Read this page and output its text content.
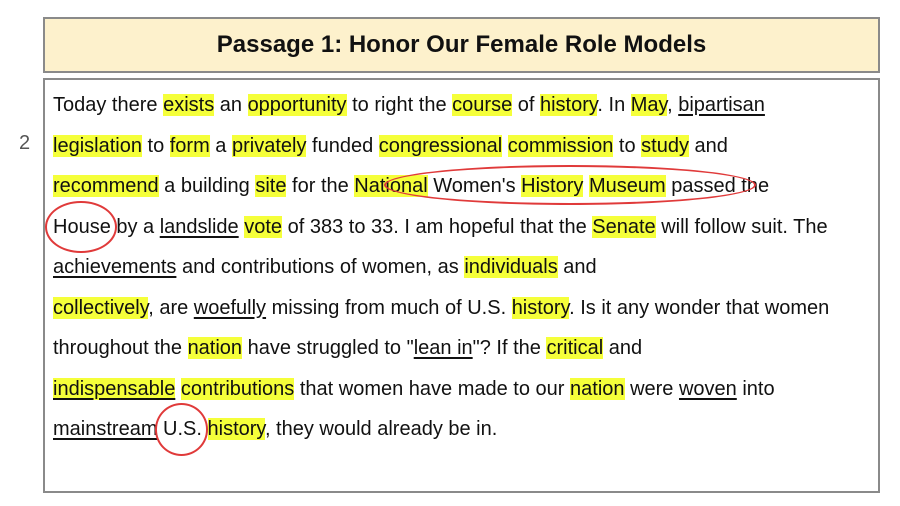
Passage 1: Honor Our Female Role Models
2
Today there exists an opportunity to right the course of history. In May, bipartisan
legislation to form a privately funded congressional commission to study and
recommend a building site for the National Women's History Museum passed the
House by a landslide vote of 383 to 33. I am hopeful that the Senate will follow suit. The achievements and contributions of women, as individuals and
collectively, are woefully missing from much of U.S. history. Is it any wonder that women throughout the nation have struggled to "lean in"? If the critical and
indispensable contributions that women have made to our nation were woven into
mainstream U.S. history, they would already be in.
